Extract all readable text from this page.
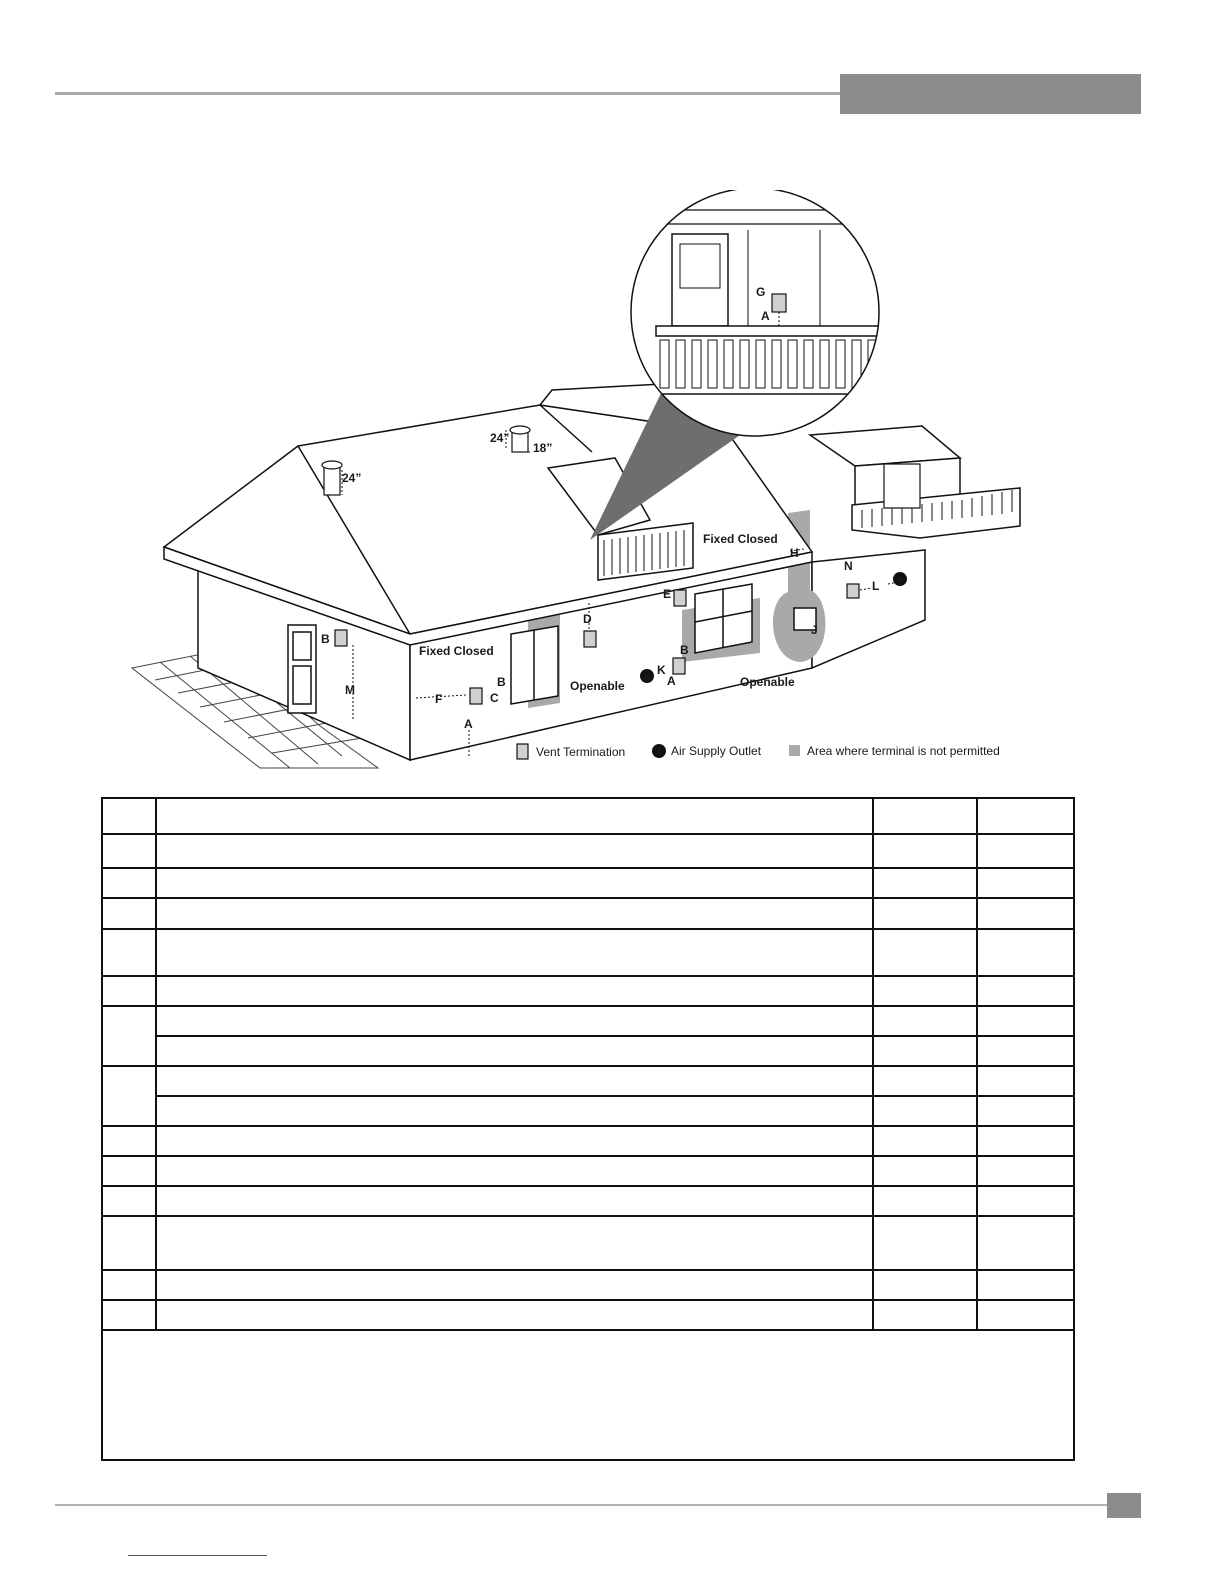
A
A
24”
24”
18”
Fixed Closed
Fixed Closed
Openable	Openable
B
M
F
B
C
A
D
E
B
K
A
H
J
N
L
G
A
Vent Termination	A Air Supply Outlet	Area where terminal is not permitted
